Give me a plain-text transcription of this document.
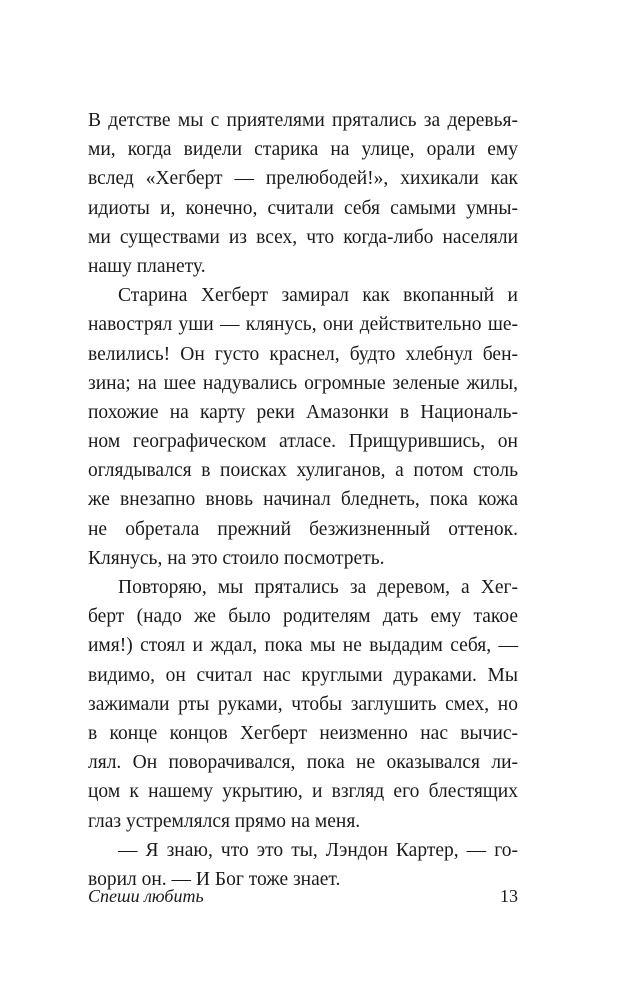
В детстве мы с приятелями прятались за деревья-
ми, когда видели старика на улице, орали ему
вслед «Хегберт — прелюбодей!», хихикали как
идиоты и, конечно, считали себя самыми умны-
ми существами из всех, что когда-либо населяли
нашу планету.
Старина Хегберт замирал как вкопанный и
навострял уши — клянусь, они действительно ше-
велились! Он густо краснел, будто хлебнул бен-
зина; на шее надувались огромные зеленые жилы,
похожие на карту реки Амазонки в Националь-
ном географическом атласе. Прищурившись, он
оглядывался в поисках хулиганов, а потом столь
же внезапно вновь начинал бледнеть, пока кожа
не обретала прежний безжизненный оттенок.
Клянусь, на это стоило посмотреть.
Повторяю, мы прятались за деревом, а Хег-
берт (надо же было родителям дать ему такое
имя!) стоял и ждал, пока мы не выдадим себя, —
видимо, он считал нас круглыми дураками. Мы
зажимали рты руками, чтобы заглушить смех, но
в конце концов Хегберт неизменно нас вычис-
лял. Он поворачивался, пока не оказывался ли-
цом к нашему укрытию, и взгляд его блестящих
глаз устремлялся прямо на меня.
— Я знаю, что это ты, Лэндон Картер, — го-
ворил он. — И Бог тоже знает.
Спеши любить	13
